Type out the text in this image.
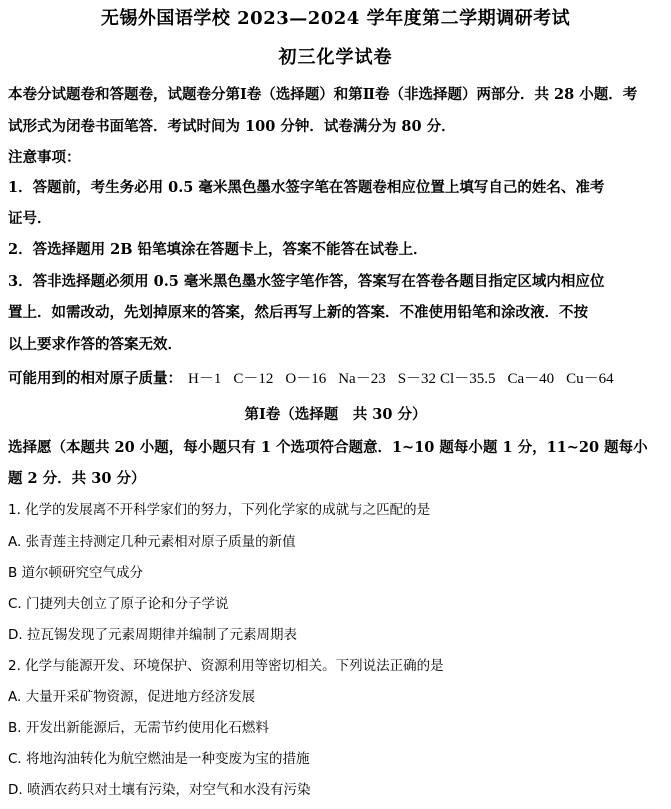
无锡外国语学校 2023—2024 学年度第二学期调研考试
初三化学试卷
本卷分试题卷和答题卷，试题卷分第Ⅰ卷（选择题）和第Ⅱ卷（非选择题）两部分．共 28 小题．考
试形式为闭卷书面笔答．考试时间为 100 分钟．试卷满分为 80 分．
注意事项：
1．答题前，考生务必用 0.5 毫米黑色墨水签字笔在答题卷相应位置上填写自己的姓名、准考
证号．
2．答选择题用 2B 铅笔填涂在答题卡上，答案不能答在试卷上．
3．答非选择题必须用 0.5 毫米黑色墨水签字笔作答，答案写在答卷各题目指定区域内相应位
置上．如需改动，先划掉原来的答案，然后再写上新的答案．不准使用铅笔和涂改液．不按
以上要求作答的答案无效．
可能用到的相对原子质量： H－1 C－12 O－16 Na－23 S－32 Cl－35.5 Ca－40 Cu－64
第Ⅰ卷（选择题　共 30 分）
选择愿（本题共 20 小题，每小题只有 1 个选项符合题意．1~10 题每小题 1 分，11~20 题每小
题 2 分．共 30 分）
1. 化学的发展离不开科学家们的努力，下列化学家的成就与之匹配的是
A. 张青莲主持测定几种元素相对原子质量的新值
B 道尔顿研究空气成分
C. 门捷列夫创立了原子论和分子学说
D. 拉瓦锡发现了元素周期律并编制了元素周期表
2. 化学与能源开发、环境保护、资源利用等密切相关。下列说法正确的是
A. 大量开采矿物资源，促进地方经济发展
B. 开发出新能源后，无需节约使用化石燃料
C. 将地沟油转化为航空燃油是一种变废为宝的措施
D. 喷洒农药只对土壤有污染，对空气和水没有污染
